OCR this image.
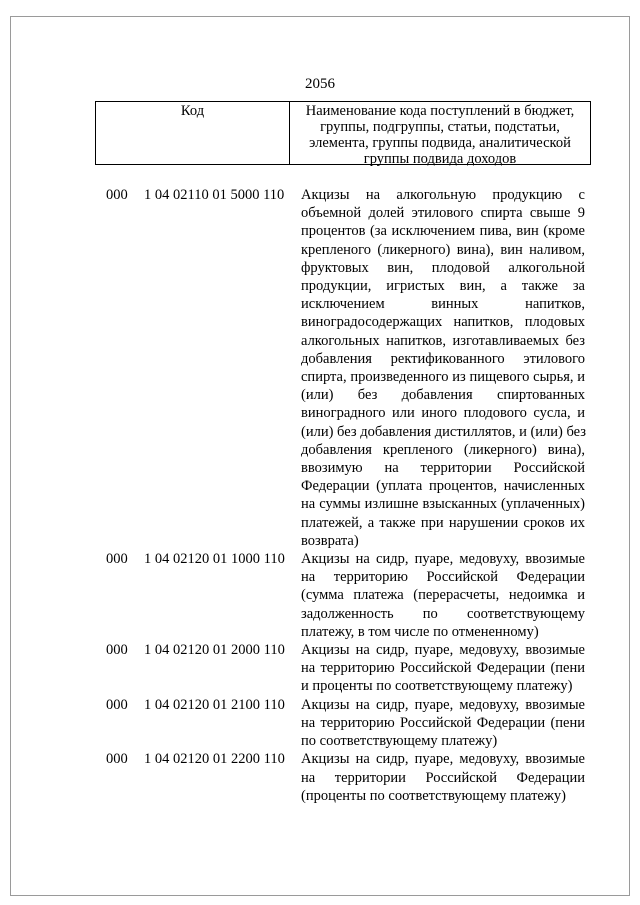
2056
Код	Наименование кода поступлений в бюджет, группы, подгруппы, статьи, подстатьи, элемента, группы подвида, аналитической группы подвида доходов
000 1 04 02110 01 5000 110 Акцизы на алкогольную продукцию с
объемной долей этилового спирта свыше 9
процентов (за исключением пива, вин (кроме
крепленого (ликерного) вина), вин наливом,
фруктовых вин, плодовой алкогольной
продукции, игристых вин, а также за
исключением винных напитков,
виноградосодержащих напитков, плодовых
алкогольных напитков, изготавливаемых без
добавления ректификованного этилового
спирта, произведенного из пищевого сырья, и
(или) без добавления спиртованных
виноградного или иного плодового сусла, и
(или) без добавления дистиллятов, и (или) без
добавления крепленого (ликерного) вина),
ввозимую на территории Российской
Федерации (уплата процентов, начисленных
на суммы излишне взысканных (уплаченных)
платежей, а также при нарушении сроков их
возврата)
000 1 04 02120 01 1000 110 Акцизы на сидр, пуаре, медовуху, ввозимые
на территорию Российской Федерации
(сумма платежа (перерасчеты, недоимка и
задолженность по соответствующему
платежу, в том числе по отмененному)
000 1 04 02120 01 2000 110 Акцизы на сидр, пуаре, медовуху, ввозимые
на территорию Российской Федерации (пени
и проценты по соответствующему платежу)
000 1 04 02120 01 2100 110 Акцизы на сидр, пуаре, медовуху, ввозимые
на территорию Российской Федерации (пени
по соответствующему платежу)
000 1 04 02120 01 2200 110 Акцизы на сидр, пуаре, медовуху, ввозимые
на территории Российской Федерации
(проценты по соответствующему платежу)
